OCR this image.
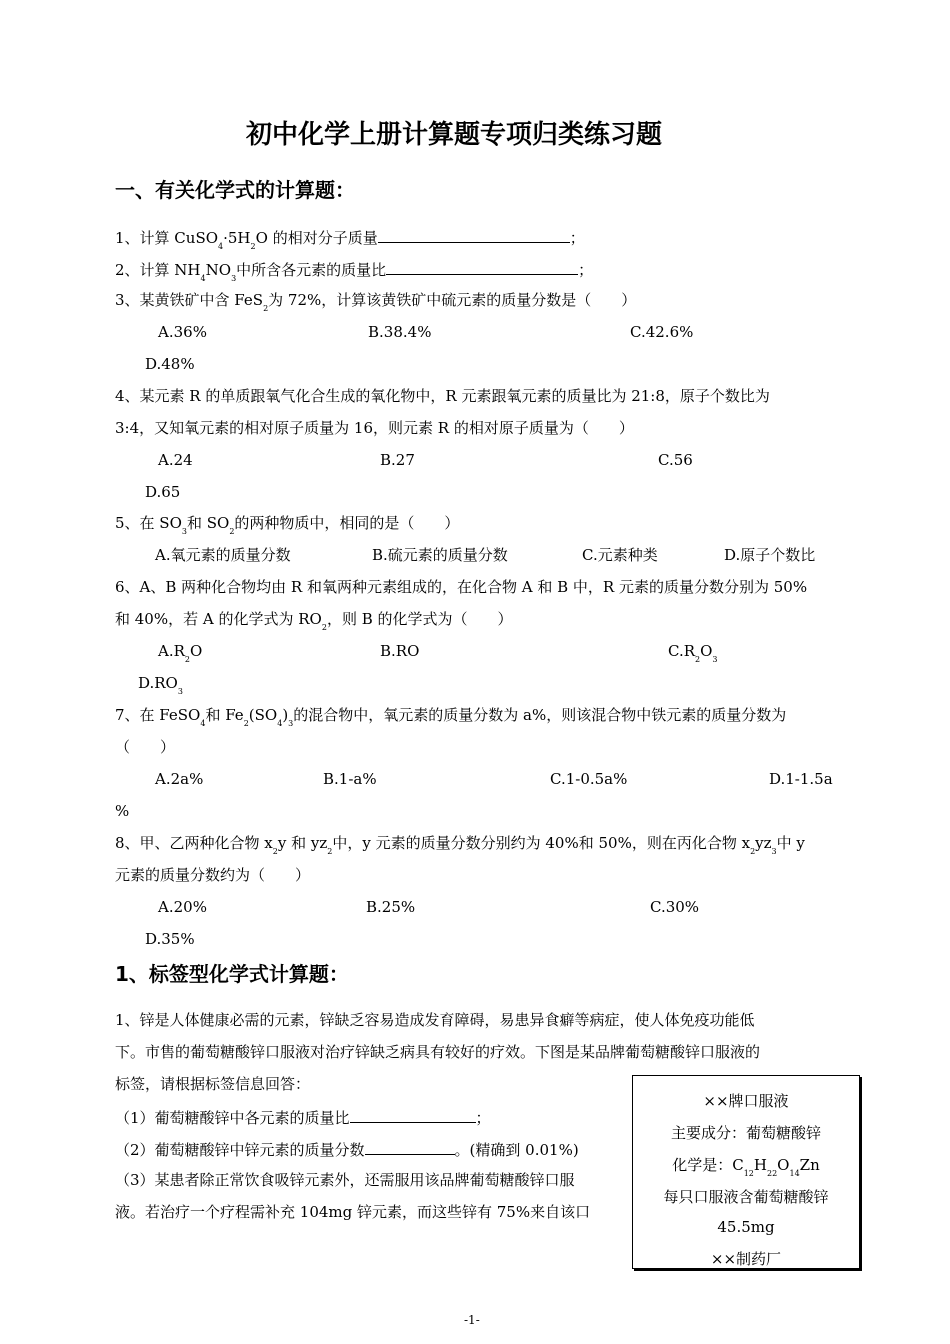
初中化学上册计算题专项归类练习题
一、有关化学式的计算题：
1、计算 $CuSO_4\cdot 5H_2O$ 的相对分子质量	；
2、计算 $NH_4NO_3$中所含各元素的质量比	；
3、某黄铁矿中含 FeS$_2$为 72%，计算该黄铁矿中硫元素的质量分数是（　　）
A.36%	B.38.4%	C.42.6%
D.48%
4、某元素 R 的单质跟氧气化合生成的氧化物中，R 元素跟氧元素的质量比为 21:8，原子个数比为
3:4，又知氧元素的相对原子质量为 16，则元素 R 的相对原子质量为（　　）
A.24	B.27	C.56
D.65
5、在 $SO_3$和 $SO_2$的两种物质中，相同的是（　　）
A.氧元素的质量分数	B.硫元素的质量分数	C.元素种类	D.原子个数比
6、A、B 两种化合物均由 R 和氧两种元素组成的，在化合物 A 和 B 中，R 元素的质量分数分别为 50%
和 40%，若 A 的化学式为 $RO_2$，则 B 的化学式为（　　）
$A.R_2O$	B.RO	$C.R_2O_3$
$D.RO_3$
7、在 FeSO$_4$和 $Fe_2(SO_4)_3$的混合物中，氧元素的质量分数为 a%，则该混合物中铁元素的质量分数为
（　　）
A.2a%	B.1-a%	C.1-0.5a%	D.1-1.5a
%
8、甲、乙两种化合物 $x_2y$ 和 $yz_2$中，y 元素的质量分数分别约为 40%和 50%，则在丙化合物 $x_2yz_3$中 y
元素的质量分数约为（　　）
A.20%	B.25%	C.30%
D.35%
1、标签型化学式计算题：
1、锌是人体健康必需的元素，锌缺乏容易造成发育障碍，易患异食癖等病症，使人体免疫功能低
下。市售的葡萄糖酸锌口服液对治疗锌缺乏病具有较好的疗效。下图是某品牌葡萄糖酸锌口服液的
标签，请根据标签信息回答：
（1）葡萄糖酸锌中各元素的质量比	；
（2）葡萄糖酸锌中锌元素的质量分数	。(精确到 0.01%)
（3）某患者除正常饮食吸锌元素外，还需服用该品牌葡萄糖酸锌口服
液。若治疗一个疗程需补充 104mg 锌元素，而这些锌有 75%来自该口
××牌口服液
主要成分：葡萄糖酸锌
化学是：$C_{12}H_{22}O_{14}Zn$
每只口服液含葡萄糖酸锌
45.5mg
××制药厂
-1-
